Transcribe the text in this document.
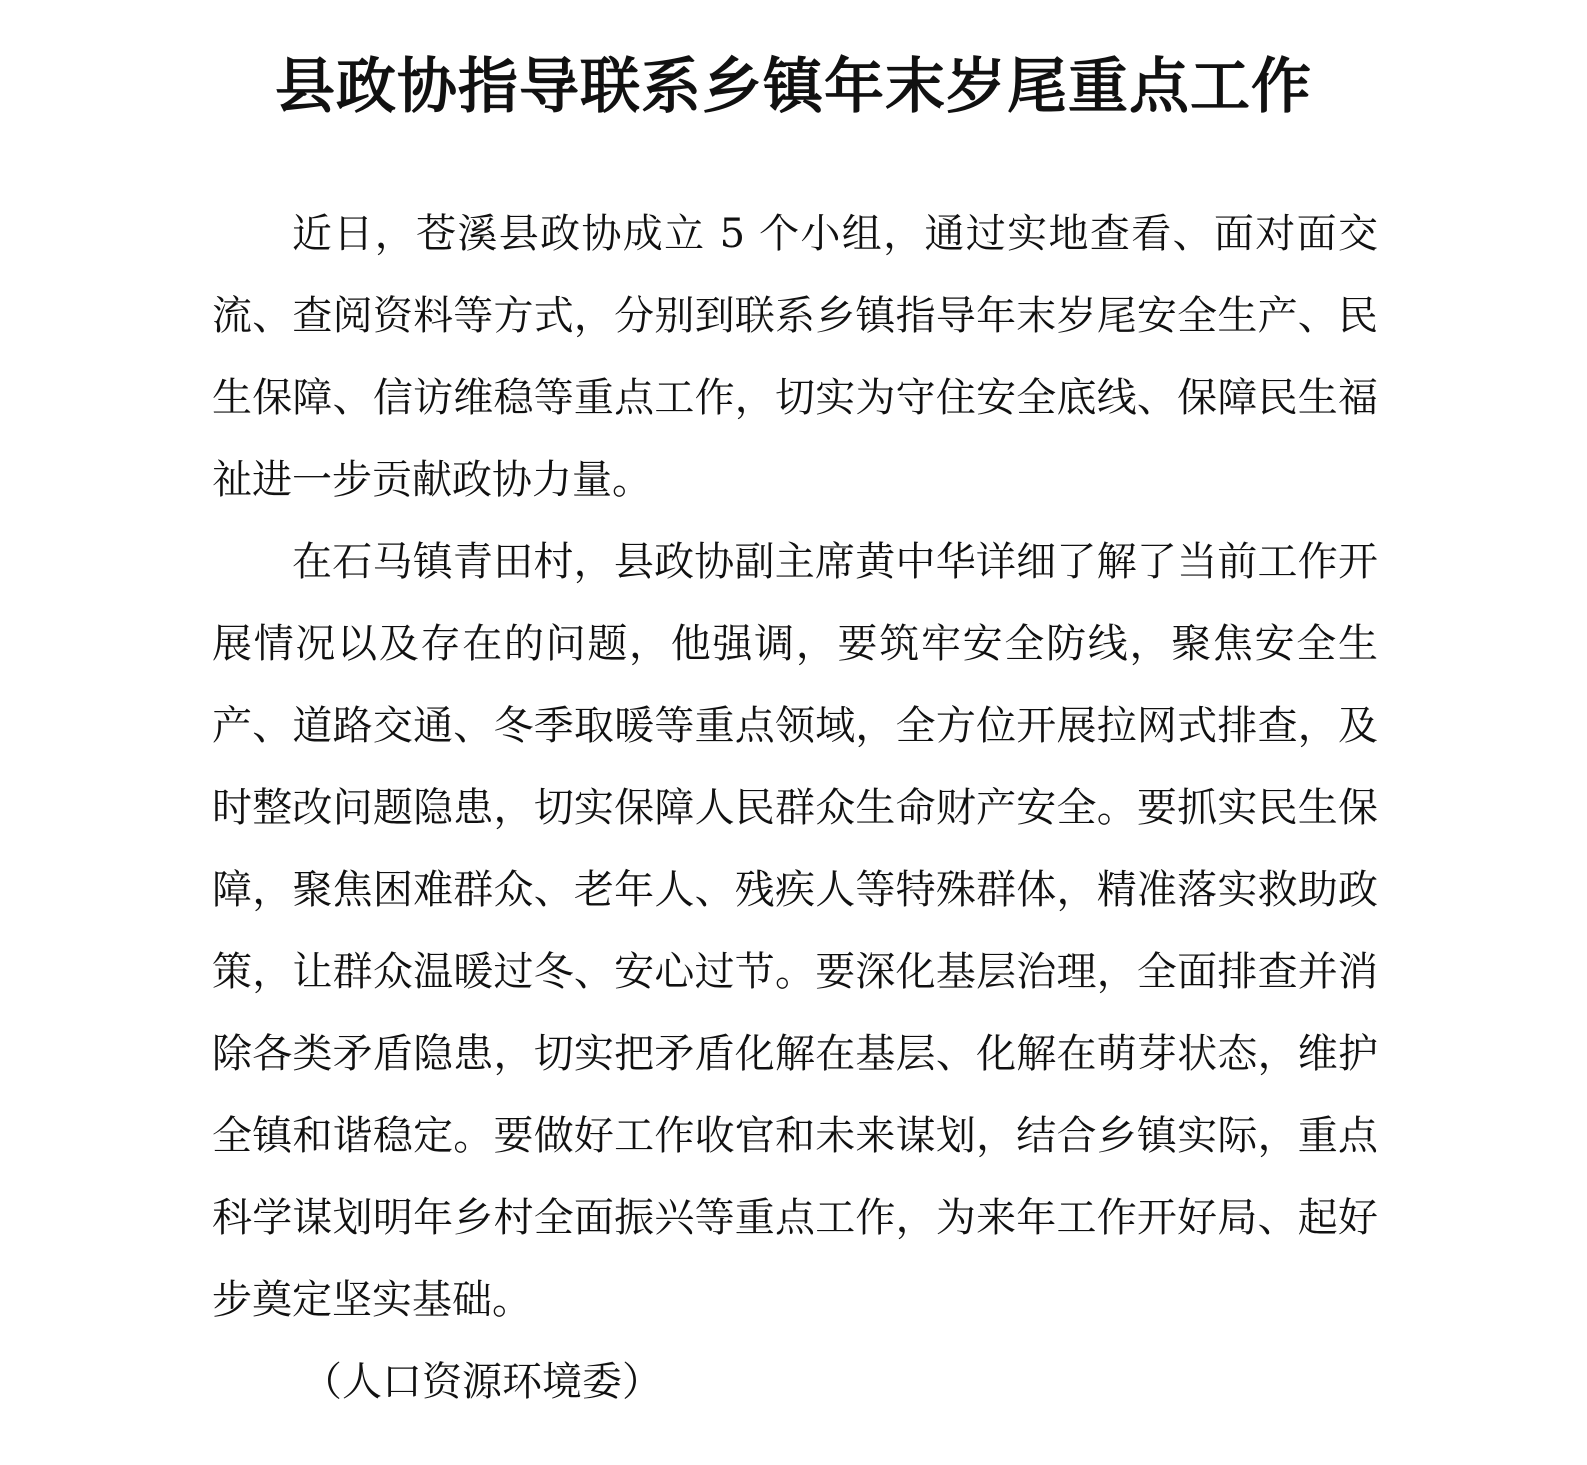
县政协指导联系乡镇年末岁尾重点工作

近日，苍溪县政协成立 5 个小组，通过实地查看、面对面交流、查阅资料等方式，分别到联系乡镇指导年末岁尾安全生产、民生保障、信访维稳等重点工作，切实为守住安全底线、保障民生福祉进一步贡献政协力量。

在石马镇青田村，县政协副主席黄中华详细了解了当前工作开展情况以及存在的问题，他强调，要筑牢安全防线，聚焦安全生产、道路交通、冬季取暖等重点领域，全方位开展拉网式排查，及时整改问题隐患，切实保障人民群众生命财产安全。要抓实民生保障，聚焦困难群众、老年人、残疾人等特殊群体，精准落实救助政策，让群众温暖过冬、安心过节。要深化基层治理，全面排查并消除各类矛盾隐患，切实把矛盾化解在基层、化解在萌芽状态，维护全镇和谐稳定。要做好工作收官和未来谋划，结合乡镇实际，重点科学谋划明年乡村全面振兴等重点工作，为来年工作开好局、起好步奠定坚实基础。

（人口资源环境委）
